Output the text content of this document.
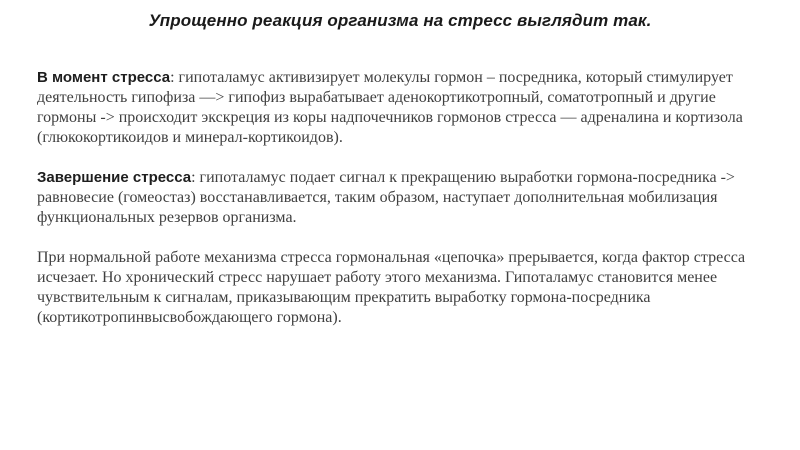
Упрощенно реакция организма на стресс выглядит так.

В момент стресса: гипоталамус активизирует молекулы гормон – посредника, который стимулирует деятельность гипофиза —> гипофиз вырабатывает аденокортикотропный, соматотропный и другие гормоны -> происходит экскреция из коры надпочечников гормонов стресса — адреналина и кортизола (глюкокортикоидов и минерал-кортикоидов).

Завершение стресса: гипоталамус подает сигнал к прекращению выработки гормона-посредника -> равновесие (гомеостаз) восстанавливается, таким образом, наступает дополнительная мобилизация функциональных резервов организма.

При нормальной работе механизма стресса гормональная «цепочка» прерывается, когда фактор стресса исчезает. Но хронический стресс нарушает работу этого механизма. Гипоталамус становится менее чувствительным к сигналам, приказывающим прекратить выработку гормона-посредника (кортикотропинвысвобождающего гормона).
